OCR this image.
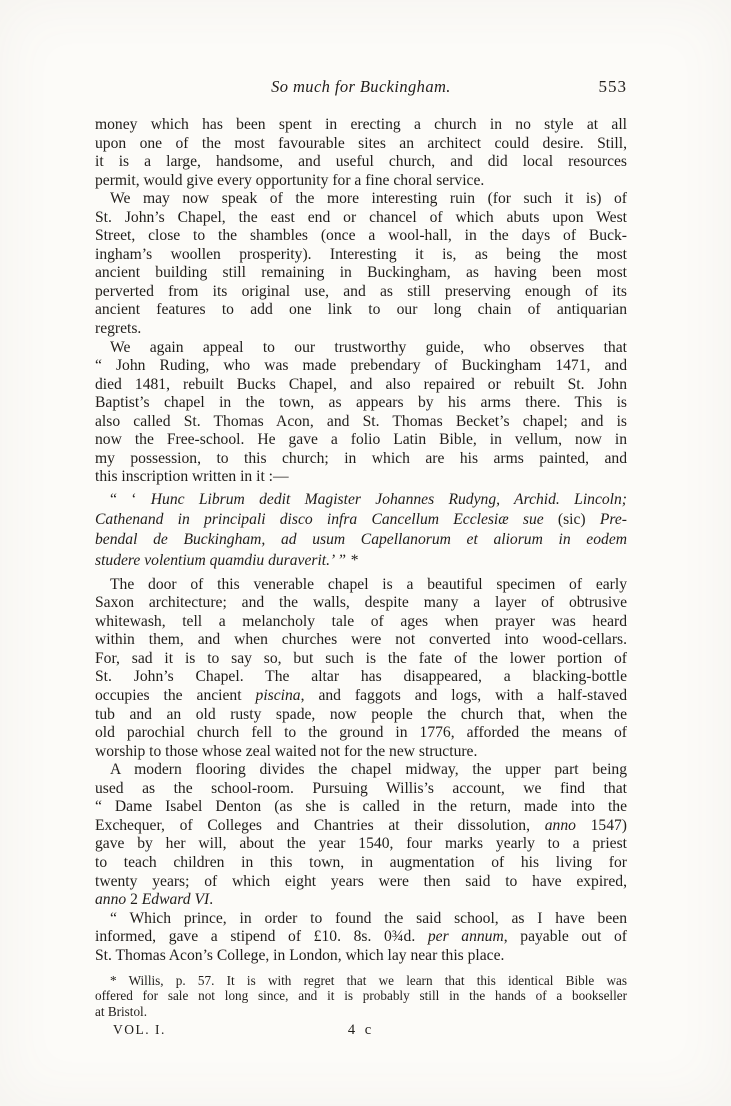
So much for Buckingham.	553
money which has been spent in erecting a church in no style at all
upon one of the most favourable sites an architect could desire. Still,
it is a large, handsome, and useful church, and did local resources
permit, would give every opportunity for a fine choral service.
We may now speak of the more interesting ruin (for such it is) of
St. John’s Chapel, the east end or chancel of which abuts upon West
Street, close to the shambles (once a wool-hall, in the days of Buck-
ingham’s woollen prosperity). Interesting it is, as being the most
ancient building still remaining in Buckingham, as having been most
perverted from its original use, and as still preserving enough of its
ancient features to add one link to our long chain of antiquarian
regrets.
We again appeal to our trustworthy guide, who observes that
“ John Ruding, who was made prebendary of Buckingham 1471, and
died 1481, rebuilt Bucks Chapel, and also repaired or rebuilt St. John
Baptist’s chapel in the town, as appears by his arms there. This is
also called St. Thomas Acon, and St. Thomas Becket’s chapel; and is
now the Free-school. He gave a folio Latin Bible, in vellum, now in
my possession, to this church; in which are his arms painted, and
this inscription written in it :—
“ ‘ Hunc Librum dedit Magister Johannes Rudyng, Archid. Lincoln;
Cathenand in principali disco infra Cancellum Ecclesiæ sue (sic) Pre-
bendal de Buckingham, ad usum Capellanorum et aliorum in eodem
studere volentium quamdiu duraverit.’ ” *
The door of this venerable chapel is a beautiful specimen of early
Saxon architecture; and the walls, despite many a layer of obtrusive
whitewash, tell a melancholy tale of ages when prayer was heard
within them, and when churches were not converted into wood-cellars.
For, sad it is to say so, but such is the fate of the lower portion of
St. John’s Chapel. The altar has disappeared, a blacking-bottle
occupies the ancient piscina, and faggots and logs, with a half-staved
tub and an old rusty spade, now people the church that, when the
old parochial church fell to the ground in 1776, afforded the means of
worship to those whose zeal waited not for the new structure.
A modern flooring divides the chapel midway, the upper part being
used as the school-room. Pursuing Willis’s account, we find that
“ Dame Isabel Denton (as she is called in the return, made into the
Exchequer, of Colleges and Chantries at their dissolution, anno 1547)
gave by her will, about the year 1540, four marks yearly to a priest
to teach children in this town, in augmentation of his living for
twenty years; of which eight years were then said to have expired,
anno 2 Edward VI.
“ Which prince, in order to found the said school, as I have been
informed, gave a stipend of £10. 8s. 0¾d. per annum, payable out of
St. Thomas Acon’s College, in London, which lay near this place.
* Willis, p. 57. It is with regret that we learn that this identical Bible was
offered for sale not long since, and it is probably still in the hands of a bookseller
at Bristol.
VOL. I.	4 c
